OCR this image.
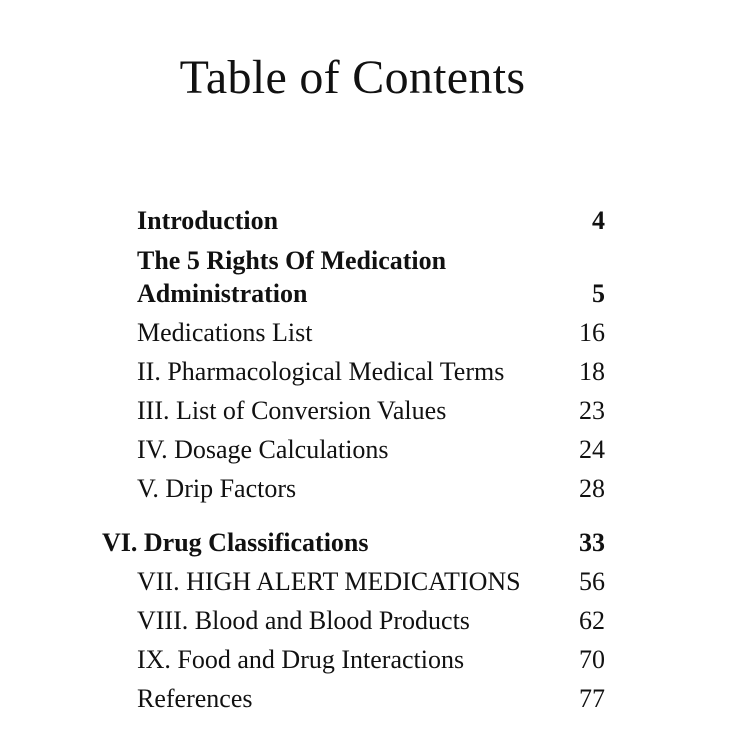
Table of Contents
Introduction	4
The 5 Rights Of Medication
Administration	5
Medications List	16
II. Pharmacological Medical Terms	18
III. List of Conversion Values	23
IV. Dosage Calculations	24
V. Drip Factors	28
VI. Drug Classifications	33
VII. HIGH ALERT MEDICATIONS	56
VIII. Blood and Blood Products	62
IX. Food and Drug Interactions	70
References	77
